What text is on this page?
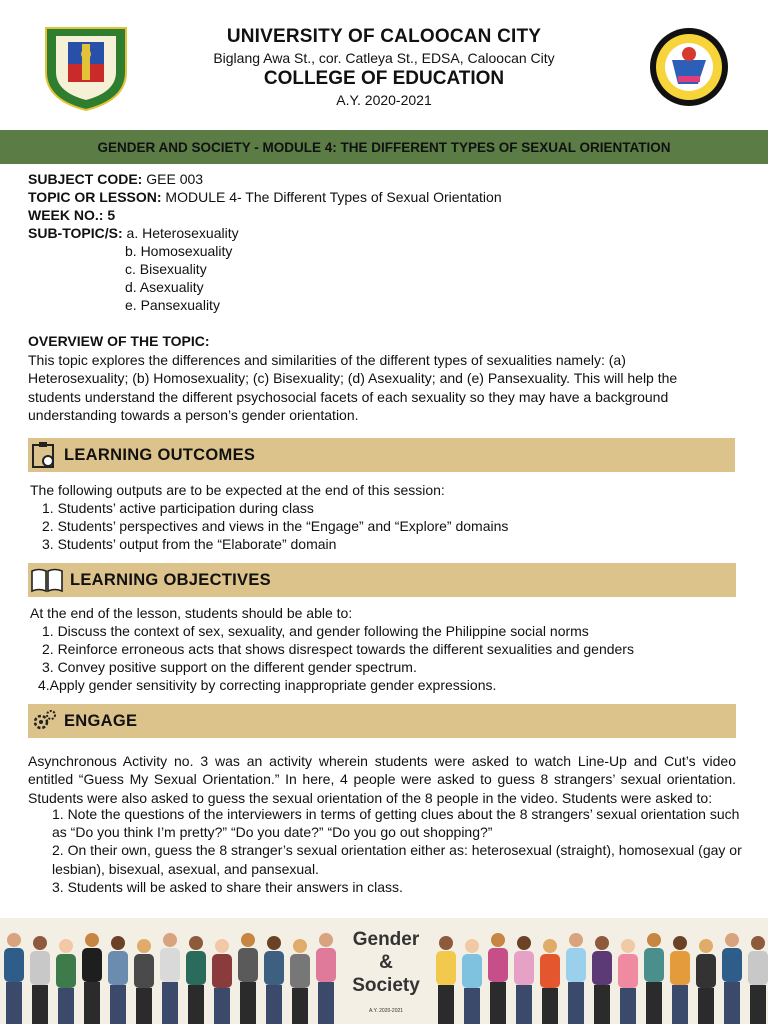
UNIVERSITY OF CALOOCAN CITY
Biglang Awa St., cor. Catleya St., EDSA, Caloocan City
COLLEGE OF EDUCATION
A.Y. 2020-2021
GENDER AND SOCIETY - MODULE 4: THE DIFFERENT TYPES OF SEXUAL ORIENTATION
SUBJECT CODE: GEE 003
TOPIC OR LESSON: MODULE 4- The Different Types of Sexual Orientation
WEEK NO.: 5
SUB-TOPIC/S: a. Heterosexuality
b. Homosexuality
c. Bisexuality
d. Asexuality
e. Pansexuality
OVERVIEW OF THE TOPIC:
This topic explores the differences and similarities of the different types of sexualities namely: (a) Heterosexuality; (b) Homosexuality; (c) Bisexuality; (d) Asexuality; and (e) Pansexuality. This will help the students understand the different psychosocial facets of each sexuality so they may have a background understanding towards a person’s gender orientation.
LEARNING OUTCOMES
The following outputs are to be expected at the end of this session:
1. Students’ active participation during class
2. Students’ perspectives and views in the “Engage” and “Explore” domains
3. Students’ output from the “Elaborate” domain
LEARNING OBJECTIVES
At the end of the lesson, students should be able to:
1. Discuss the context of sex, sexuality, and gender following the Philippine social norms
2. Reinforce erroneous acts that shows disrespect towards the different sexualities and genders
3. Convey positive support on the different gender spectrum.
4.Apply gender sensitivity by correcting inappropriate gender expressions.
ENGAGE
Asynchronous Activity no. 3 was an activity wherein students were asked to watch Line-Up and Cut’s video entitled “Guess My Sexual Orientation.” In here, 4 people were asked to guess 8 strangers’ sexual orientation. Students were also asked to guess the sexual orientation of the 8 people in the video. Students were asked to:
1. Note the questions of the interviewers in terms of getting clues about the 8 strangers’ sexual orientation such as “Do you think I’m pretty?” “Do you date?” “Do you go out shopping?”
2. On their own, guess the 8 stranger’s sexual orientation either as: heterosexual (straight), homosexual (gay or lesbian), bisexual, asexual, and pansexual.
3. Students will be asked to share their answers in class.
Gender
&
Society
A.Y. 2020-2021
